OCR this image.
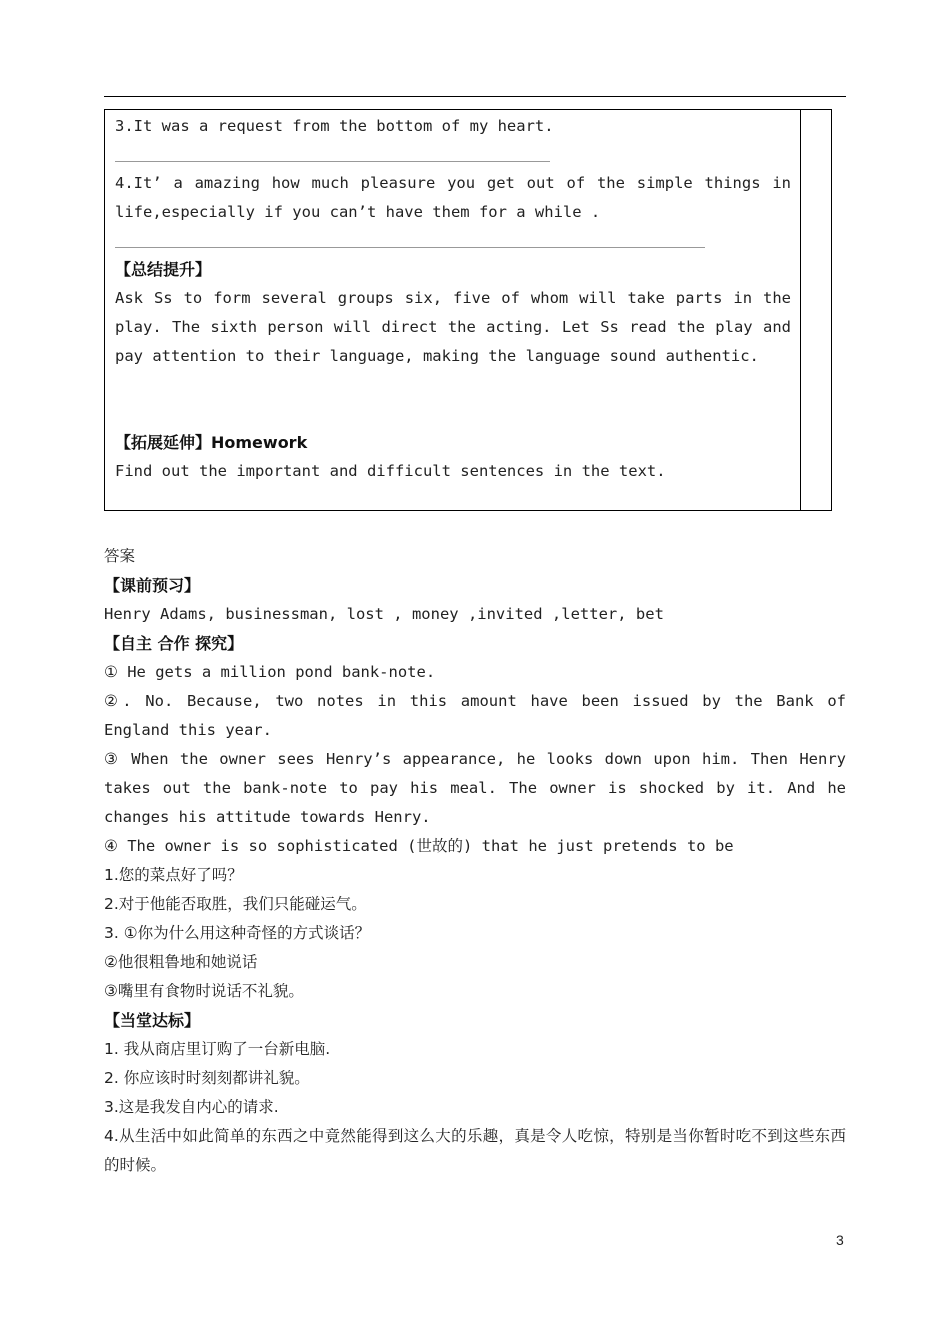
3.It was a request from the bottom of my heart.
4.It’ a amazing how much pleasure you get out of the simple things in life,especially if you can’t have them for a while .
【总结提升】
Ask Ss to form several groups six, five of whom will take parts in the play. The sixth person will direct the acting. Let Ss read the play and pay attention to their language, making the language sound authentic.
【拓展延伸】Homework
Find out the important and difficult sentences in the text.
答案
【课前预习】
Henry Adams, businessman, lost , money ,invited ,letter, bet
【自主 合作 探究】
① He gets a million pond bank-note.
②. No. Because, two notes in this amount have been issued by the Bank of England this year.
③ When the owner sees Henry’s appearance, he looks down upon him. Then Henry takes out the bank-note to pay his meal. The owner is shocked by it. And he changes his attitude towards Henry.
④ The owner is so sophisticated (世故的) that he just pretends to be
1.您的菜点好了吗？
2.对于他能否取胜，我们只能碰运气。
3. ①你为什么用这种奇怪的方式谈话？
②他很粗鲁地和她说话
③嘴里有食物时说话不礼貌。
【当堂达标】
1. 我从商店里订购了一台新电脑.
2. 你应该时时刻刻都讲礼貌。
3.这是我发自内心的请求.
4.从生活中如此简单的东西之中竟然能得到这么大的乐趣，真是令人吃惊，特别是当你暂时吃不到这些东西的时候。
3
